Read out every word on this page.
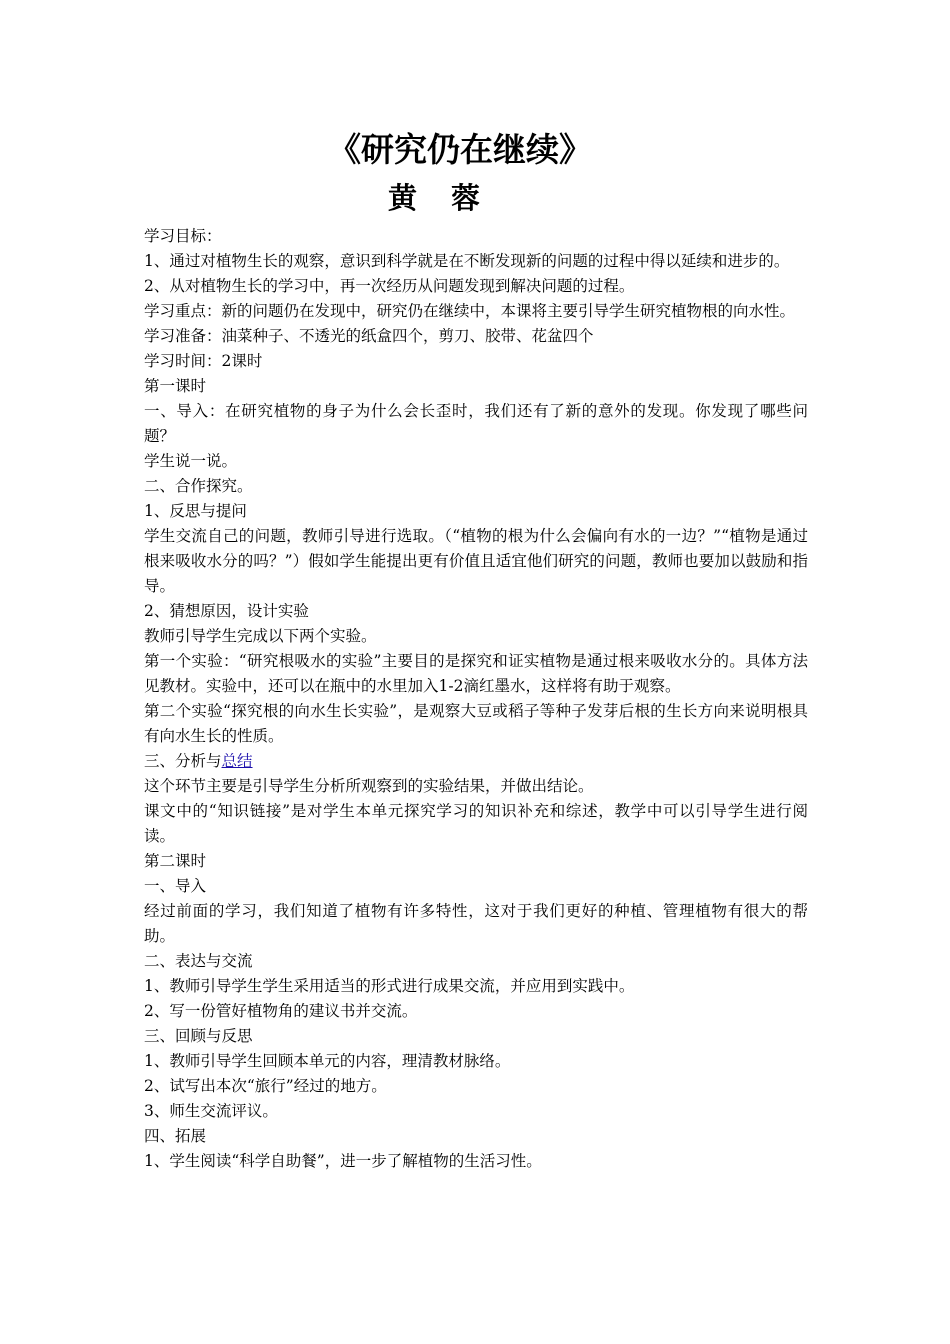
《研究仍在继续》
黄 蓉

学习目标：

1、通过对植物生长的观察，意识到科学就是在不断发现新的问题的过程中得以延续和进步的。

2、从对植物生长的学习中，再一次经历从问题发现到解决问题的过程。

学习重点：新的问题仍在发现中，研究仍在继续中，本课将主要引导学生研究植物根的向水性。

学习准备：油菜种子、不透光的纸盒四个，剪刀、胶带、花盆四个

学习时间：2课时

第一课时

一、导入：在研究植物的身子为什么会长歪时，我们还有了新的意外的发现。你发现了哪些问题？

学生说一说。

二、合作探究。

1、反思与提问

学生交流自己的问题，教师引导进行选取。（“植物的根为什么会偏向有水的一边？”“植物是通过根来吸收水分的吗？”）假如学生能提出更有价值且适宜他们研究的问题，教师也要加以鼓励和指导。

2、猜想原因，设计实验

教师引导学生完成以下两个实验。

第一个实验：“研究根吸水的实验”主要目的是探究和证实植物是通过根来吸收水分的。具体方法见教材。实验中，还可以在瓶中的水里加入1-2滴红墨水，这样将有助于观察。

第二个实验“探究根的向水生长实验”，是观察大豆或稻子等种子发芽后根的生长方向来说明根具有向水生长的性质。

三、分析与总结

这个环节主要是引导学生分析所观察到的实验结果，并做出结论。

课文中的“知识链接”是对学生本单元探究学习的知识补充和综述，教学中可以引导学生进行阅读。

第二课时

一、导入

经过前面的学习，我们知道了植物有许多特性，这对于我们更好的种植、管理植物有很大的帮助。

二、表达与交流

1、教师引导学生学生采用适当的形式进行成果交流，并应用到实践中。

2、写一份管好植物角的建议书并交流。

三、回顾与反思

1、教师引导学生回顾本单元的内容，理清教材脉络。

2、试写出本次“旅行”经过的地方。

3、师生交流评议。

四、拓展

1、学生阅读“科学自助餐”，进一步了解植物的生活习性。
